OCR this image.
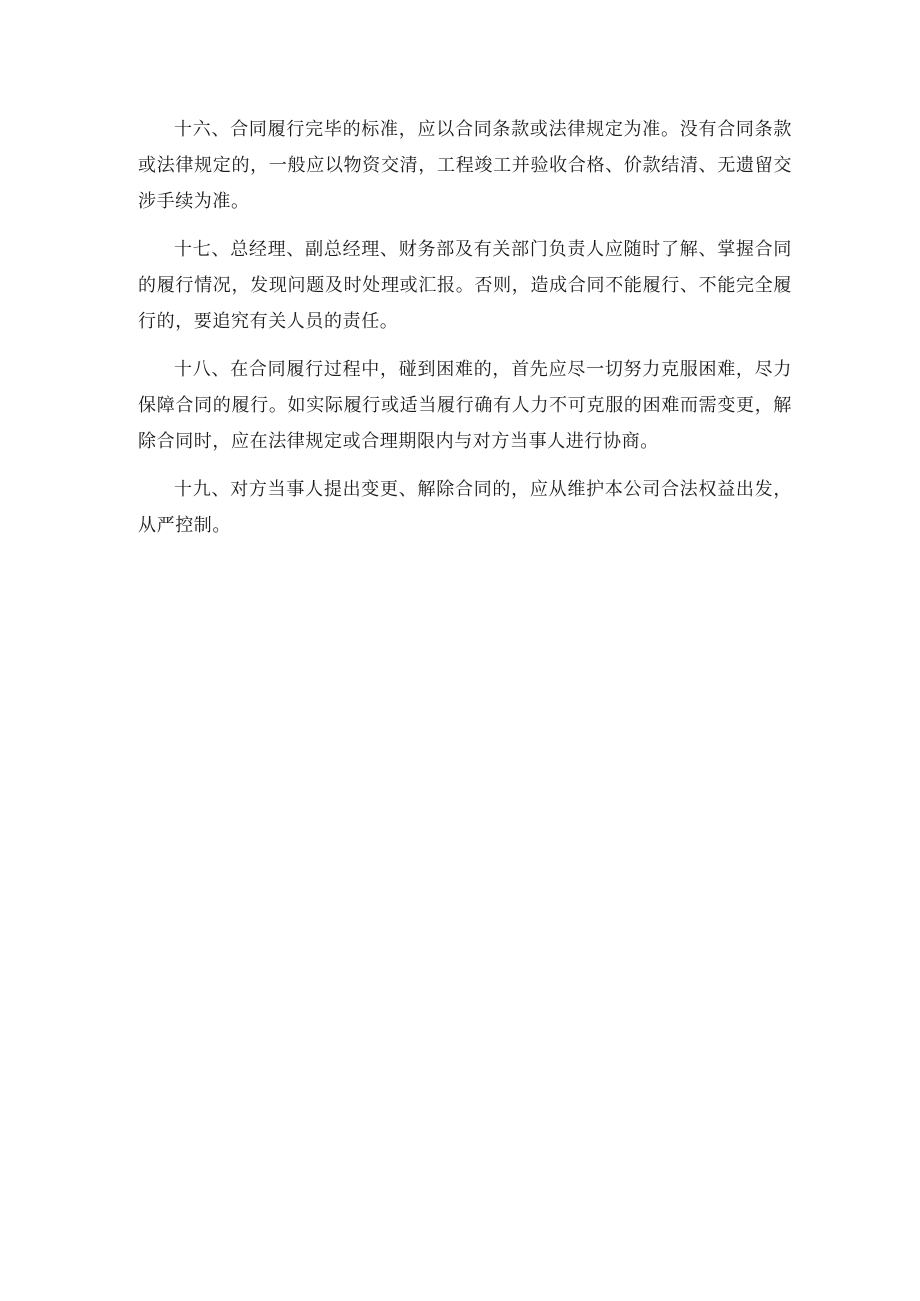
十六、合同履行完毕的标准，应以合同条款或法律规定为准。没有合同条款或法律规定的，一般应以物资交清，工程竣工并验收合格、价款结清、无遗留交涉手续为准。

十七、总经理、副总经理、财务部及有关部门负责人应随时了解、掌握合同的履行情况，发现问题及时处理或汇报。否则，造成合同不能履行、不能完全履行的，要追究有关人员的责任。

十八、在合同履行过程中，碰到困难的，首先应尽一切努力克服困难，尽力保障合同的履行。如实际履行或适当履行确有人力不可克服的困难而需变更，解除合同时，应在法律规定或合理期限内与对方当事人进行协商。

十九、对方当事人提出变更、解除合同的，应从维护本公司合法权益出发，从严控制。
